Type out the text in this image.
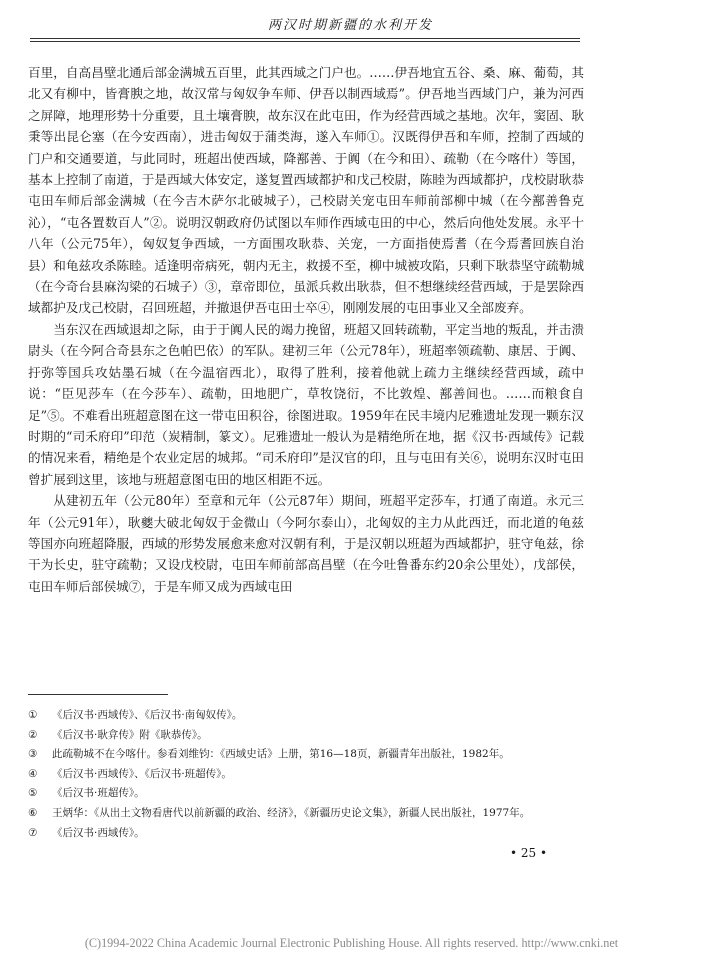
两汉时期新疆的水利开发

百里，自高昌壁北通后部金满城五百里，此其西域之门户也。……伊吾地宜五谷、桑、麻、葡萄，其北又有柳中，皆膏腴之地，故汉常与匈奴争车师、伊吾以制西域焉”。伊吾地当西域门户，兼为河西之屏障，地理形势十分重要，且土壤膏腴，故东汉在此屯田，作为经营西域之基地。次年，窦固、耿秉等出昆仑塞（在今安西南），进击匈奴于蒲类海，遂入车师①。汉既得伊吾和车师，控制了西域的门户和交通要道，与此同时，班超出使西域，降鄯善、于阗（在今和田）、疏勒（在今喀什）等国，基本上控制了南道，于是西域大体安定，遂复置西域都护和戊己校尉，陈睦为西域都护，戊校尉耿恭屯田车师后部金满城（在今吉木萨尔北破城子），己校尉关宠屯田车师前部柳中城（在今鄯善鲁克沁），“屯各置数百人”②。说明汉朝政府仍试图以车师作西域屯田的中心，然后向他处发展。永平十八年（公元75年），匈奴复争西域，一方面围攻耿恭、关宠，一方面指使焉耆（在今焉耆回族自治县）和龟兹攻杀陈睦。适逢明帝病死，朝内无主，救援不至，柳中城被攻陷，只剩下耿恭坚守疏勒城（在今奇台县麻沟梁的石城子）③，章帝即位，虽派兵救出耿恭，但不想继续经营西域，于是罢除西域都护及戊己校尉，召回班超，并撤退伊吾屯田士卒④，刚刚发展的屯田事业又全部废弃。

当东汉在西域退却之际，由于于阗人民的竭力挽留，班超又回转疏勒，平定当地的叛乱，并击溃尉头（在今阿合奇县东之色帕巴依）的军队。建初三年（公元78年），班超率领疏勒、康居、于阗、扜弥等国兵攻姑墨石城（在今温宿西北），取得了胜利，接着他就上疏力主继续经营西域，疏中说：“臣见莎车（在今莎车）、疏勒，田地肥广，草牧饶衍，不比敦煌、鄯善间也。……而粮食自足”⑤。不难看出班超意图在这一带屯田积谷，徐图进取。1959年在民丰境内尼雅遗址发现一颗东汉时期的“司禾府印”印范（炭精制，篆文）。尼雅遗址一般认为是精绝所在地，据《汉书·西域传》记载的情况来看，精绝是个农业定居的城邦。“司禾府印”是汉官的印，且与屯田有关⑥，说明东汉时屯田曾扩展到这里，该地与班超意图屯田的地区相距不远。

从建初五年（公元80年）至章和元年（公元87年）期间，班超平定莎车，打通了南道。永元三年（公元91年），耿夔大破北匈奴于金微山（今阿尔泰山），北匈奴的主力从此西迁，而北道的龟兹等国亦向班超降服，西域的形势发展愈来愈对汉朝有利，于是汉朝以班超为西域都护，驻守龟兹，徐干为长史，驻守疏勒；又设戊校尉，屯田车师前部高昌壁（在今吐鲁番东约20余公里处），戊部侯，屯田车师后部侯城⑦，于是车师又成为西域屯田

①	《后汉书·西域传》、《后汉书·南匈奴传》。
②	《后汉书·耿弇传》附《耿恭传》。
③	此疏勒城不在今喀什。参看刘维钧：《西域史话》上册，第16—18页，新疆青年出版社，1982年。
④	《后汉书·西域传》、《后汉书·班超传》。
⑤	《后汉书·班超传》。
⑥	王炳华：《从出土文物看唐代以前新疆的政治、经济》，《新疆历史论文集》，新疆人民出版社，1977年。
⑦	《后汉书·西域传》。
• 25 •
(C)1994-2022 China Academic Journal Electronic Publishing House. All rights reserved. http://www.cnki.net
